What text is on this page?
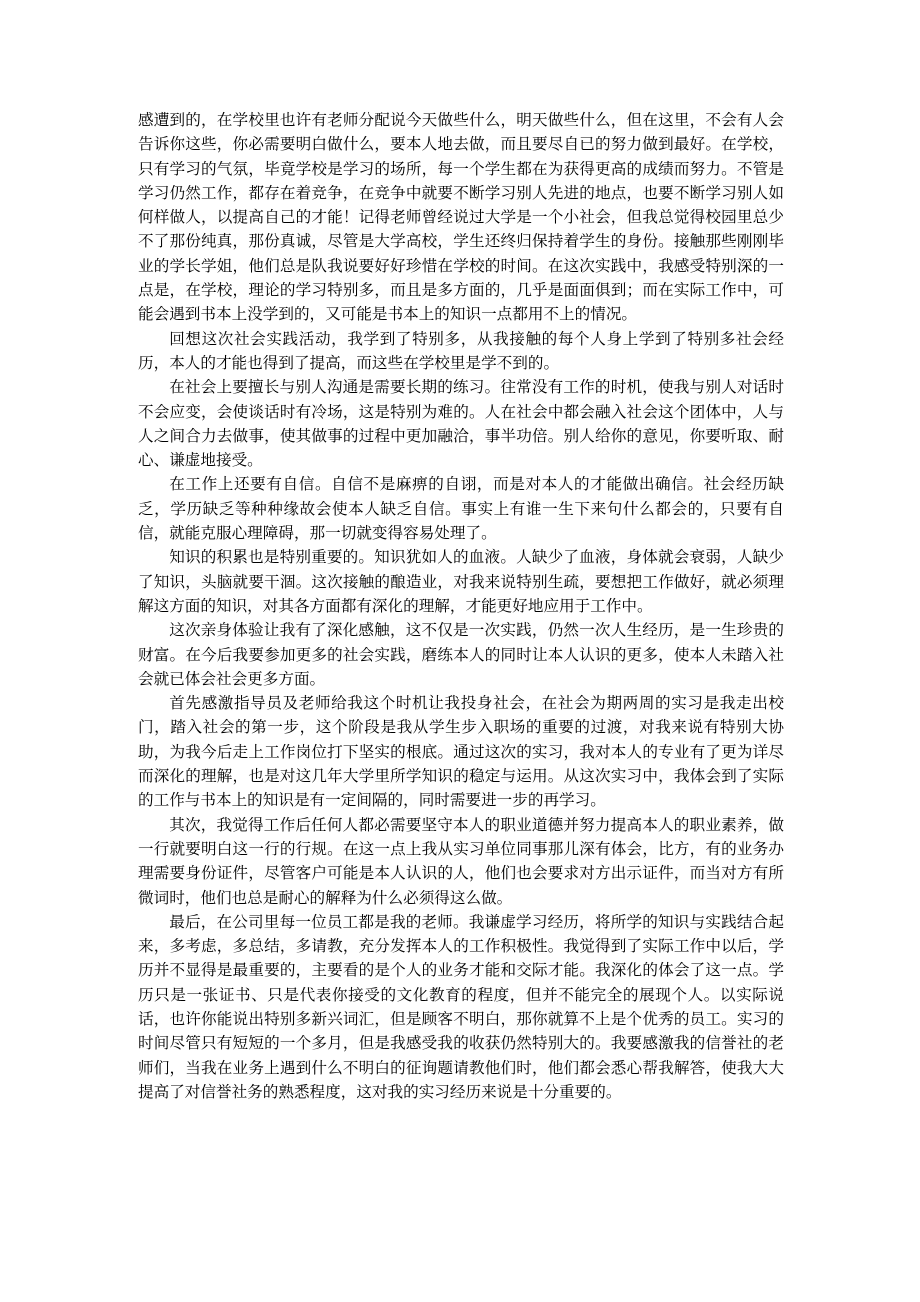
感遭到的，在学校里也许有老师分配说今天做些什么，明天做些什么，但在这里，不会有人会告诉你这些，你必需要明白做什么，要本人地去做，而且要尽自已的努力做到最好。在学校，只有学习的气氛，毕竟学校是学习的场所，每一个学生都在为获得更高的成绩而努力。不管是学习仍然工作，都存在着竞争，在竞争中就要不断学习别人先进的地点，也要不断学习别人如何样做人，以提高自己的才能！记得老师曾经说过大学是一个小社会，但我总觉得校园里总少不了那份纯真，那份真诚，尽管是大学高校，学生还终归保持着学生的身份。接触那些刚刚毕业的学长学姐，他们总是队我说要好好珍惜在学校的时间。在这次实践中，我感受特别深的一点是，在学校，理论的学习特别多，而且是多方面的，几乎是面面俱到；而在实际工作中，可能会遇到书本上没学到的，又可能是书本上的知识一点都用不上的情况。

回想这次社会实践活动，我学到了特别多，从我接触的每个人身上学到了特别多社会经历，本人的才能也得到了提高，而这些在学校里是学不到的。

在社会上要擅长与别人沟通是需要长期的练习。往常没有工作的时机，使我与别人对话时不会应变，会使谈话时有冷场，这是特别为难的。人在社会中都会融入社会这个团体中，人与人之间合力去做事，使其做事的过程中更加融洽，事半功倍。别人给你的意见，你要听取、耐心、谦虚地接受。

在工作上还要有自信。自信不是麻痹的自诩，而是对本人的才能做出确信。社会经历缺乏，学历缺乏等种种缘故会使本人缺乏自信。事实上有谁一生下来句什么都会的，只要有自信，就能克服心理障碍，那一切就变得容易处理了。

知识的积累也是特别重要的。知识犹如人的血液。人缺少了血液，身体就会衰弱，人缺少了知识，头脑就要干涸。这次接触的酿造业，对我来说特别生疏，要想把工作做好，就必须理解这方面的知识，对其各方面都有深化的理解，才能更好地应用于工作中。

这次亲身体验让我有了深化感触，这不仅是一次实践，仍然一次人生经历，是一生珍贵的财富。在今后我要参加更多的社会实践，磨练本人的同时让本人认识的更多，使本人未踏入社会就已体会社会更多方面。

首先感激指导员及老师给我这个时机让我投身社会，在社会为期两周的实习是我走出校门，踏入社会的第一步，这个阶段是我从学生步入职场的重要的过渡，对我来说有特别大协助，为我今后走上工作岗位打下坚实的根底。通过这次的实习，我对本人的专业有了更为详尽而深化的理解，也是对这几年大学里所学知识的稳定与运用。从这次实习中，我体会到了实际的工作与书本上的知识是有一定间隔的，同时需要进一步的再学习。

其次，我觉得工作后任何人都必需要坚守本人的职业道德并努力提高本人的职业素养，做一行就要明白这一行的行规。在这一点上我从实习单位同事那儿深有体会，比方，有的业务办理需要身份证件，尽管客户可能是本人认识的人，他们也会要求对方出示证件，而当对方有所微词时，他们也总是耐心的解释为什么必须得这么做。

最后，在公司里每一位员工都是我的老师。我谦虚学习经历，将所学的知识与实践结合起来，多考虑，多总结，多请教，充分发挥本人的工作积极性。我觉得到了实际工作中以后，学历并不显得是最重要的，主要看的是个人的业务才能和交际才能。我深化的体会了这一点。学历只是一张证书、只是代表你接受的文化教育的程度，但并不能完全的展现个人。以实际说话，也许你能说出特别多新兴词汇，但是顾客不明白，那你就算不上是个优秀的员工。实习的时间尽管只有短短的一个多月，但是我感受我的收获仍然特别大的。我要感激我的信誉社的老师们，当我在业务上遇到什么不明白的征询题请教他们时，他们都会悉心帮我解答，使我大大提高了对信誉社务的熟悉程度，这对我的实习经历来说是十分重要的。
